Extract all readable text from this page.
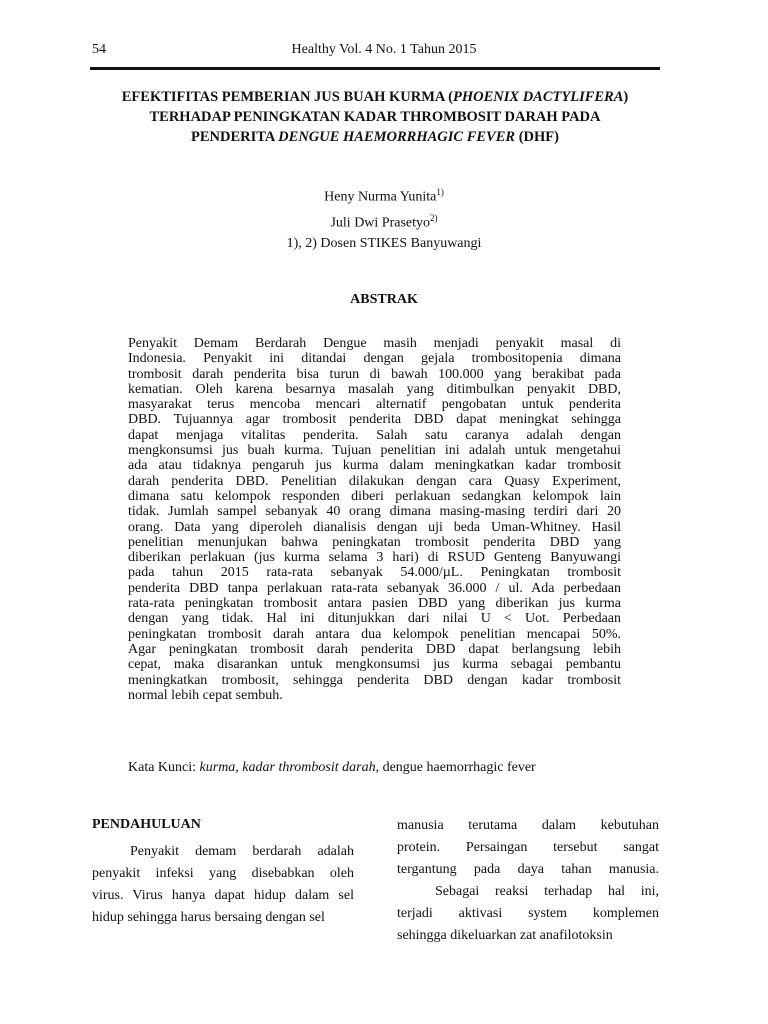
54	Healthy Vol. 4 No. 1 Tahun 2015
EFEKTIFITAS PEMBERIAN JUS BUAH KURMA (PHOENIX DACTYLIFERA)
TERHADAP PENINGKATAN KADAR THROMBOSIT DARAH PADA
PENDERITA DENGUE HAEMORRHAGIC FEVER (DHF)
Heny Nurma Yunita$^{1)}$
Juli Dwi Prasetyo$^{2)}$
1), 2) Dosen STIKES Banyuwangi
ABSTRAK
Penyakit Demam Berdarah Dengue masih menjadi penyakit masal di
Indonesia. Penyakit ini ditandai dengan gejala trombositopenia dimana
trombosit darah penderita bisa turun di bawah 100.000 yang berakibat pada
kematian. Oleh karena besarnya masalah yang ditimbulkan penyakit DBD,
masyarakat terus mencoba mencari alternatif pengobatan untuk penderita
DBD. Tujuannya agar trombosit penderita DBD dapat meningkat sehingga
dapat menjaga vitalitas penderita. Salah satu caranya adalah dengan
mengkonsumsi jus buah kurma. Tujuan penelitian ini adalah untuk mengetahui
ada atau tidaknya pengaruh jus kurma dalam meningkatkan kadar trombosit
darah penderita DBD. Penelitian dilakukan dengan cara Quasy Experiment,
dimana satu kelompok responden diberi perlakuan sedangkan kelompok lain
tidak. Jumlah sampel sebanyak 40 orang dimana masing-masing terdiri dari 20
orang. Data yang diperoleh dianalisis dengan uji beda Uman-Whitney. Hasil
penelitian menunjukan bahwa peningkatan trombosit penderita DBD yang
diberikan perlakuan (jus kurma selama 3 hari) di RSUD Genteng Banyuwangi
pada tahun 2015 rata-rata sebanyak 54.000/µL. Peningkatan trombosit
penderita DBD tanpa perlakuan rata-rata sebanyak 36.000 / ul. Ada perbedaan
rata-rata peningkatan trombosit antara pasien DBD yang diberikan jus kurma
dengan yang tidak. Hal ini ditunjukkan dari nilai U < Uot. Perbedaan
peningkatan trombosit darah antara dua kelompok penelitian mencapai 50%.
Agar peningkatan trombosit darah penderita DBD dapat berlangsung lebih
cepat, maka disarankan untuk mengkonsumsi jus kurma sebagai pembantu
meningkatkan trombosit, sehingga penderita DBD dengan kadar trombosit
normal lebih cepat sembuh.
Kata Kunci: kurma, kadar thrombosit darah, dengue haemorrhagic fever
PENDAHULUAN
Penyakit demam berdarah adalah
penyakit infeksi yang disebabkan oleh
virus. Virus hanya dapat hidup dalam sel
hidup sehingga harus bersaing dengan sel
manusia terutama dalam kebutuhan
protein. Persaingan tersebut sangat
tergantung pada daya tahan manusia.
Sebagai reaksi terhadap hal ini,
terjadi aktivasi system komplemen
sehingga dikeluarkan zat anafilotoksin
